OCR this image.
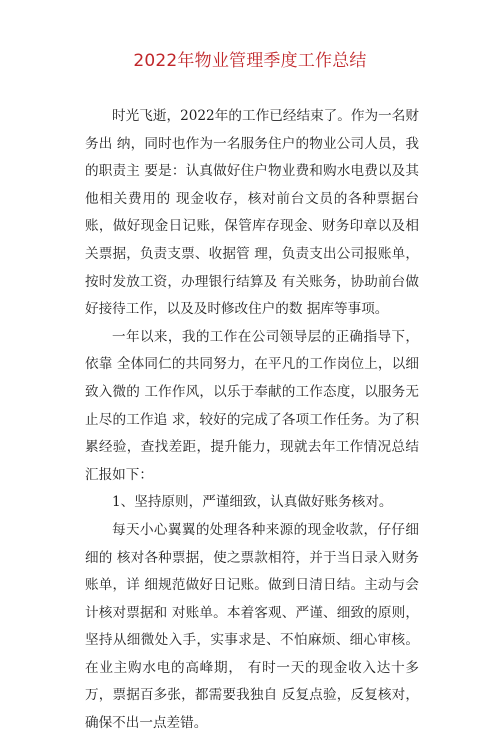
2022年物业管理季度工作总结

时光飞逝，2022年的工作已经结束了。作为一名财务出 纳，同时也作为一名服务住户的物业公司人员，我的职责主 要是：认真做好住户物业费和购水电费以及其他相关费用的 现金收存，核对前台文员的各种票据台账，做好现金日记账，保管库存现金、财务印章以及相关票据，负责支票、收据管 理，负责支出公司报账单，按时发放工资，办理银行结算及 有关账务，协助前台做好接待工作，以及及时修改住户的数 据库等事项。

一年以来，我的工作在公司领导层的正确指导下，依靠 全体同仁的共同努力，在平凡的工作岗位上，以细致入微的 工作作风，以乐于奉献的工作态度，以服务无止尽的工作追 求，较好的完成了各项工作任务。为了积累经验，查找差距，提升能力，现就去年工作情况总结汇报如下：

1、坚持原则，严谨细致，认真做好账务核对。

每天小心翼翼的处理各种来源的现金收款，仔仔细细的 核对各种票据，使之票款相符，并于当日录入财务账单，详 细规范做好日记账。做到日清日结。主动与会计核对票据和 对账单。本着客观、严谨、细致的原则，坚持从细微处入手，实事求是、不怕麻烦、细心审核。在业主购水电的高峰期， 有时一天的现金收入达十多万，票据百多张，都需要我独自 反复点验，反复核对，确保不出一点差错。
